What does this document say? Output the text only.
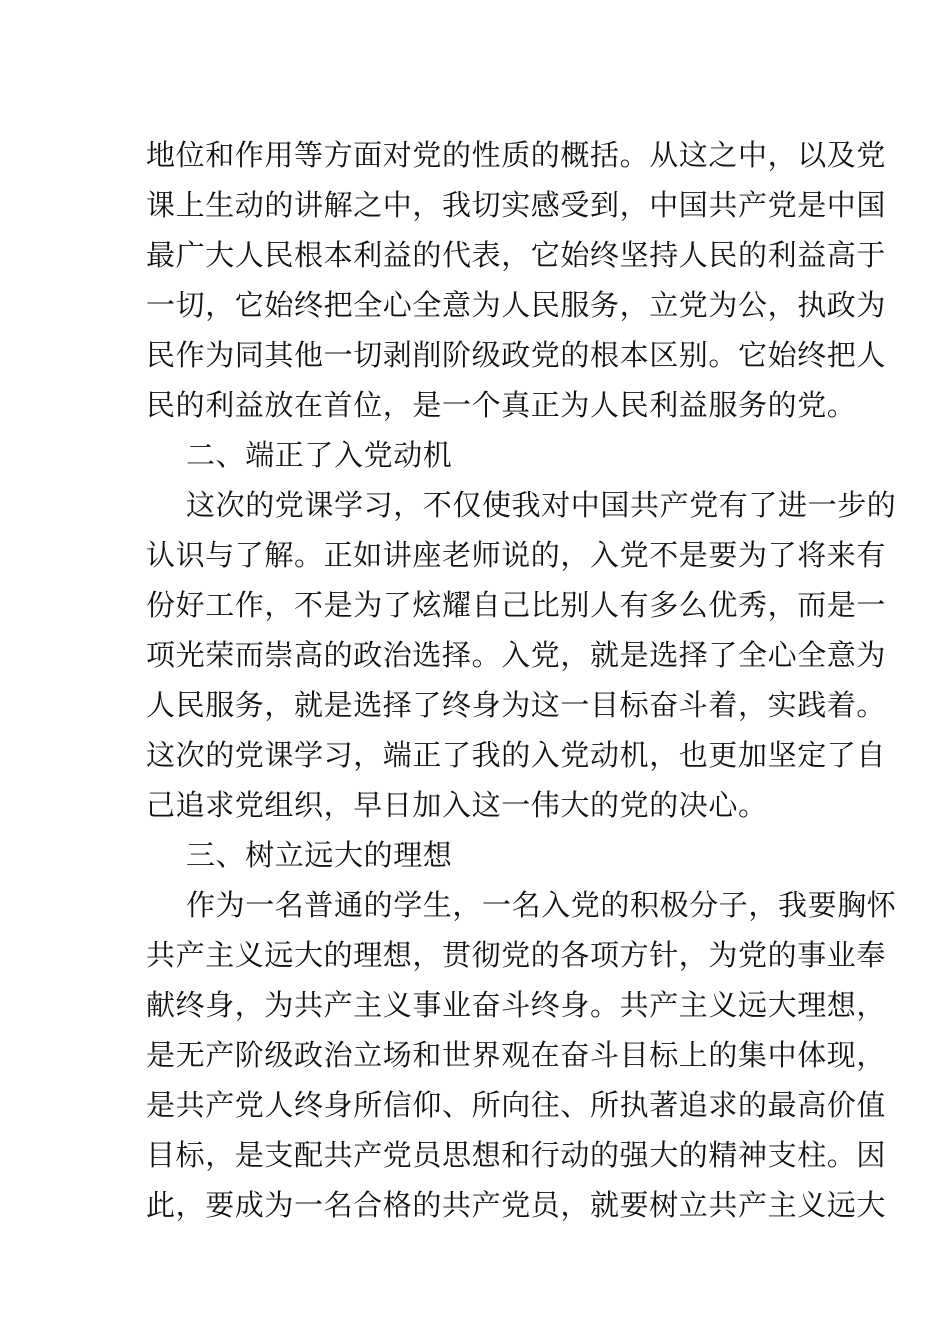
地位和作用等方面对党的性质的概括。从这之中，以及党
课上生动的讲解之中，我切实感受到，中国共产党是中国
最广大人民根本利益的代表，它始终坚持人民的利益高于
一切，它始终把全心全意为人民服务，立党为公，执政为
民作为同其他一切剥削阶级政党的根本区别。它始终把人
民的利益放在首位，是一个真正为人民利益服务的党。
二、端正了入党动机
这次的党课学习，不仅使我对中国共产党有了进一步的
认识与了解。正如讲座老师说的，入党不是要为了将来有
份好工作，不是为了炫耀自己比别人有多么优秀，而是一
项光荣而崇高的政治选择。入党，就是选择了全心全意为
人民服务，就是选择了终身为这一目标奋斗着，实践着。
这次的党课学习，端正了我的入党动机，也更加坚定了自
己追求党组织，早日加入这一伟大的党的决心。
三、树立远大的理想
作为一名普通的学生，一名入党的积极分子，我要胸怀
共产主义远大的理想，贯彻党的各项方针，为党的事业奉
献终身，为共产主义事业奋斗终身。共产主义远大理想，
是无产阶级政治立场和世界观在奋斗目标上的集中体现，
是共产党人终身所信仰、所向往、所执著追求的最高价值
目标，是支配共产党员思想和行动的强大的精神支柱。因
此，要成为一名合格的共产党员，就要树立共产主义远大
